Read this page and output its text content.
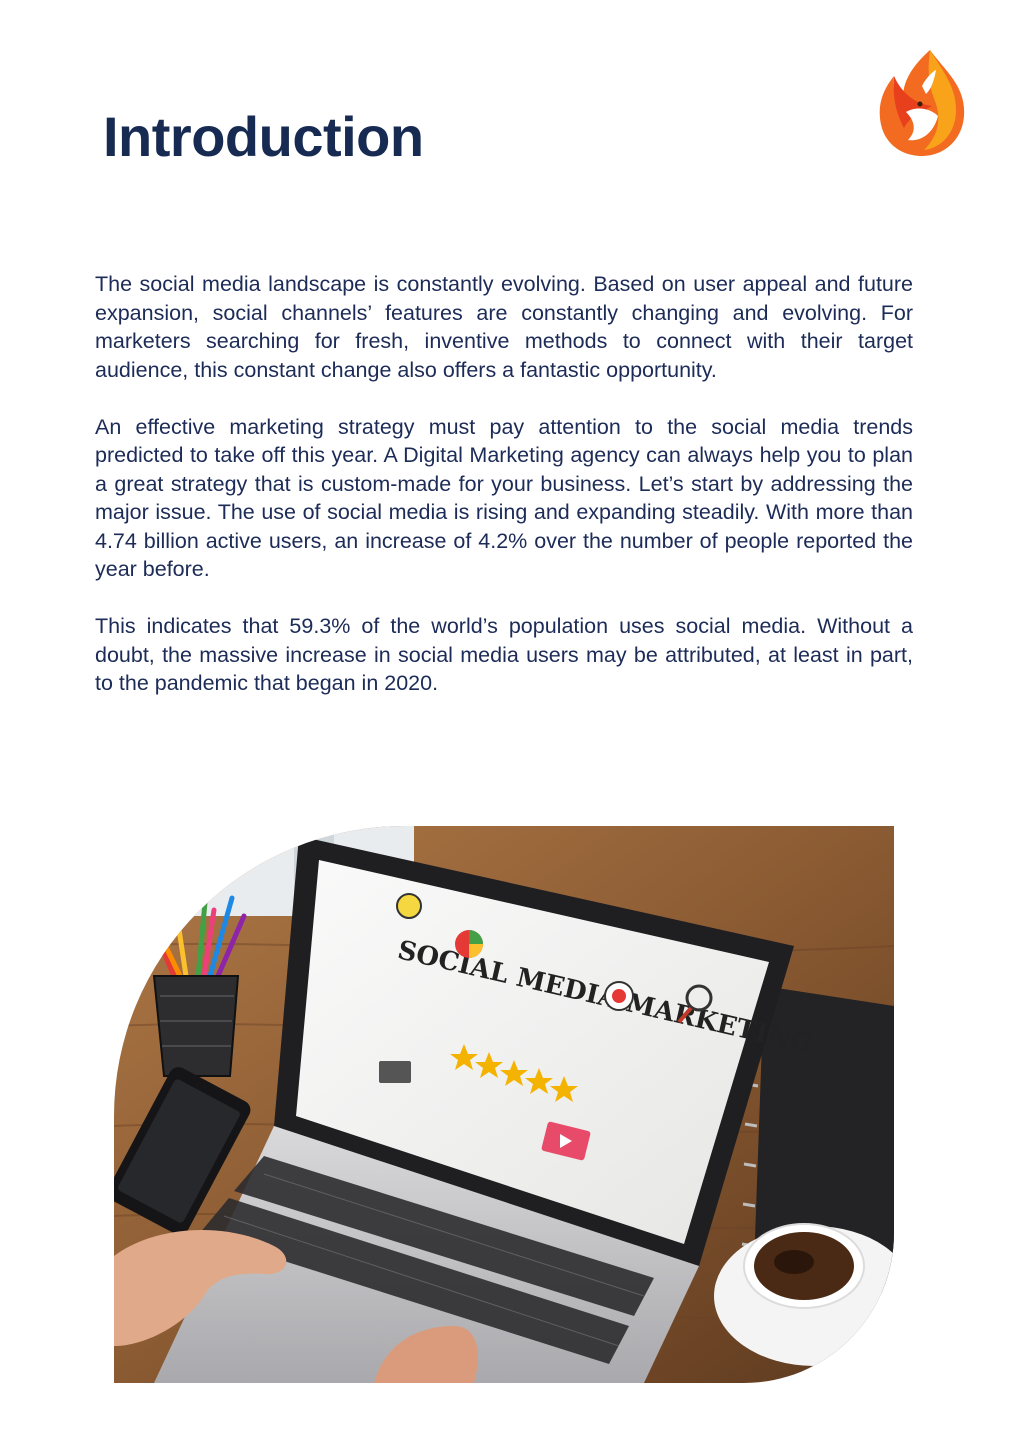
Introduction

The social media landscape is constantly evolving. Based on user appeal and future expansion, social channels’ features are constantly changing and evolving. For marketers searching for fresh, inventive methods to connect with their target audience, this constant change also offers a fantastic opportunity.

An effective marketing strategy must pay attention to the social media trends predicted to take off this year. A Digital Marketing agency can always help you to plan a great strategy that is custom-made for your business. Let’s start by addressing the major issue. The use of social media is rising and expanding steadily. With more than 4.74 billion active users, an increase of 4.2% over the number of people reported the year before.

This indicates that 59.3% of the world’s population uses social media. Without a doubt, the massive increase in social media users may be attributed, at least in part, to the pandemic that began in 2020.

SOCIAL MEDIA MARKETING
